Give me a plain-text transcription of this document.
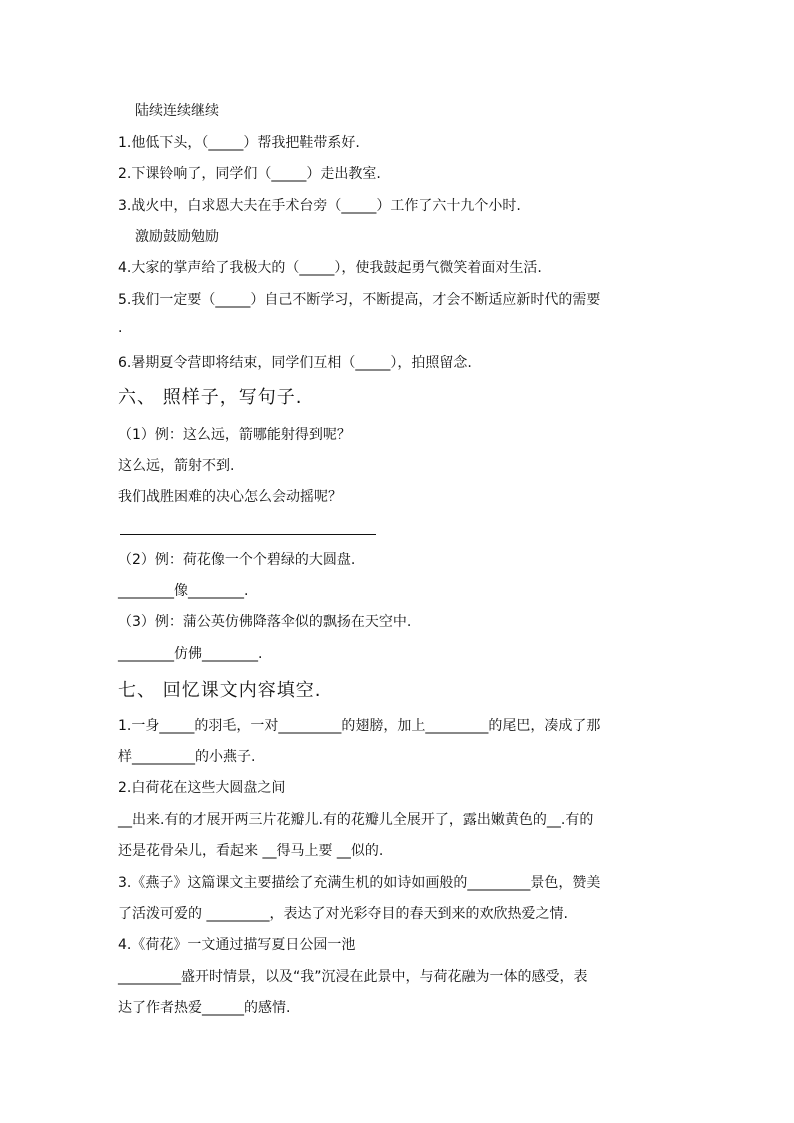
陆续连续继续
1.他低下头，（_____）帮我把鞋带系好.
2.下课铃响了，同学们（_____）走出教室.
3.战火中，白求恩大夫在手术台旁（_____）工作了六十九个小时.
激励鼓励勉励
4.大家的掌声给了我极大的（_____），使我鼓起勇气微笑着面对生活.
5.我们一定要（_____）自己不断学习，不断提高，才会不断适应新时代的需要
.
6.暑期夏令营即将结束，同学们互相（_____），拍照留念.
六、 照样子，写句子.
（1）例：这么远，箭哪能射得到呢？
这么远，箭射不到.
我们战胜困难的决心怎么会动摇呢？
（2）例：荷花像一个个碧绿的大圆盘.
________像________.
（3）例：蒲公英仿佛降落伞似的飘扬在天空中.
________仿佛________.
七、 回忆课文内容填空.
1.一身_____的羽毛，一对_________的翅膀，加上_________的尾巴，凑成了那
样_________的小燕子.
2.白荷花在这些大圆盘之间
__出来.有的才展开两三片花瓣儿.有的花瓣儿全展开了，露出嫩黄色的__.有的
还是花骨朵儿，看起来 __得马上要 __似的.
3.《燕子》这篇课文主要描绘了充满生机的如诗如画般的_________景色，赞美
了活泼可爱的 _________，表达了对光彩夺目的春天到来的欢欣热爱之情.
4.《荷花》一文通过描写夏日公园一池
_________盛开时情景，以及“我”沉浸在此景中，与荷花融为一体的感受，表
达了作者热爱______的感情.
